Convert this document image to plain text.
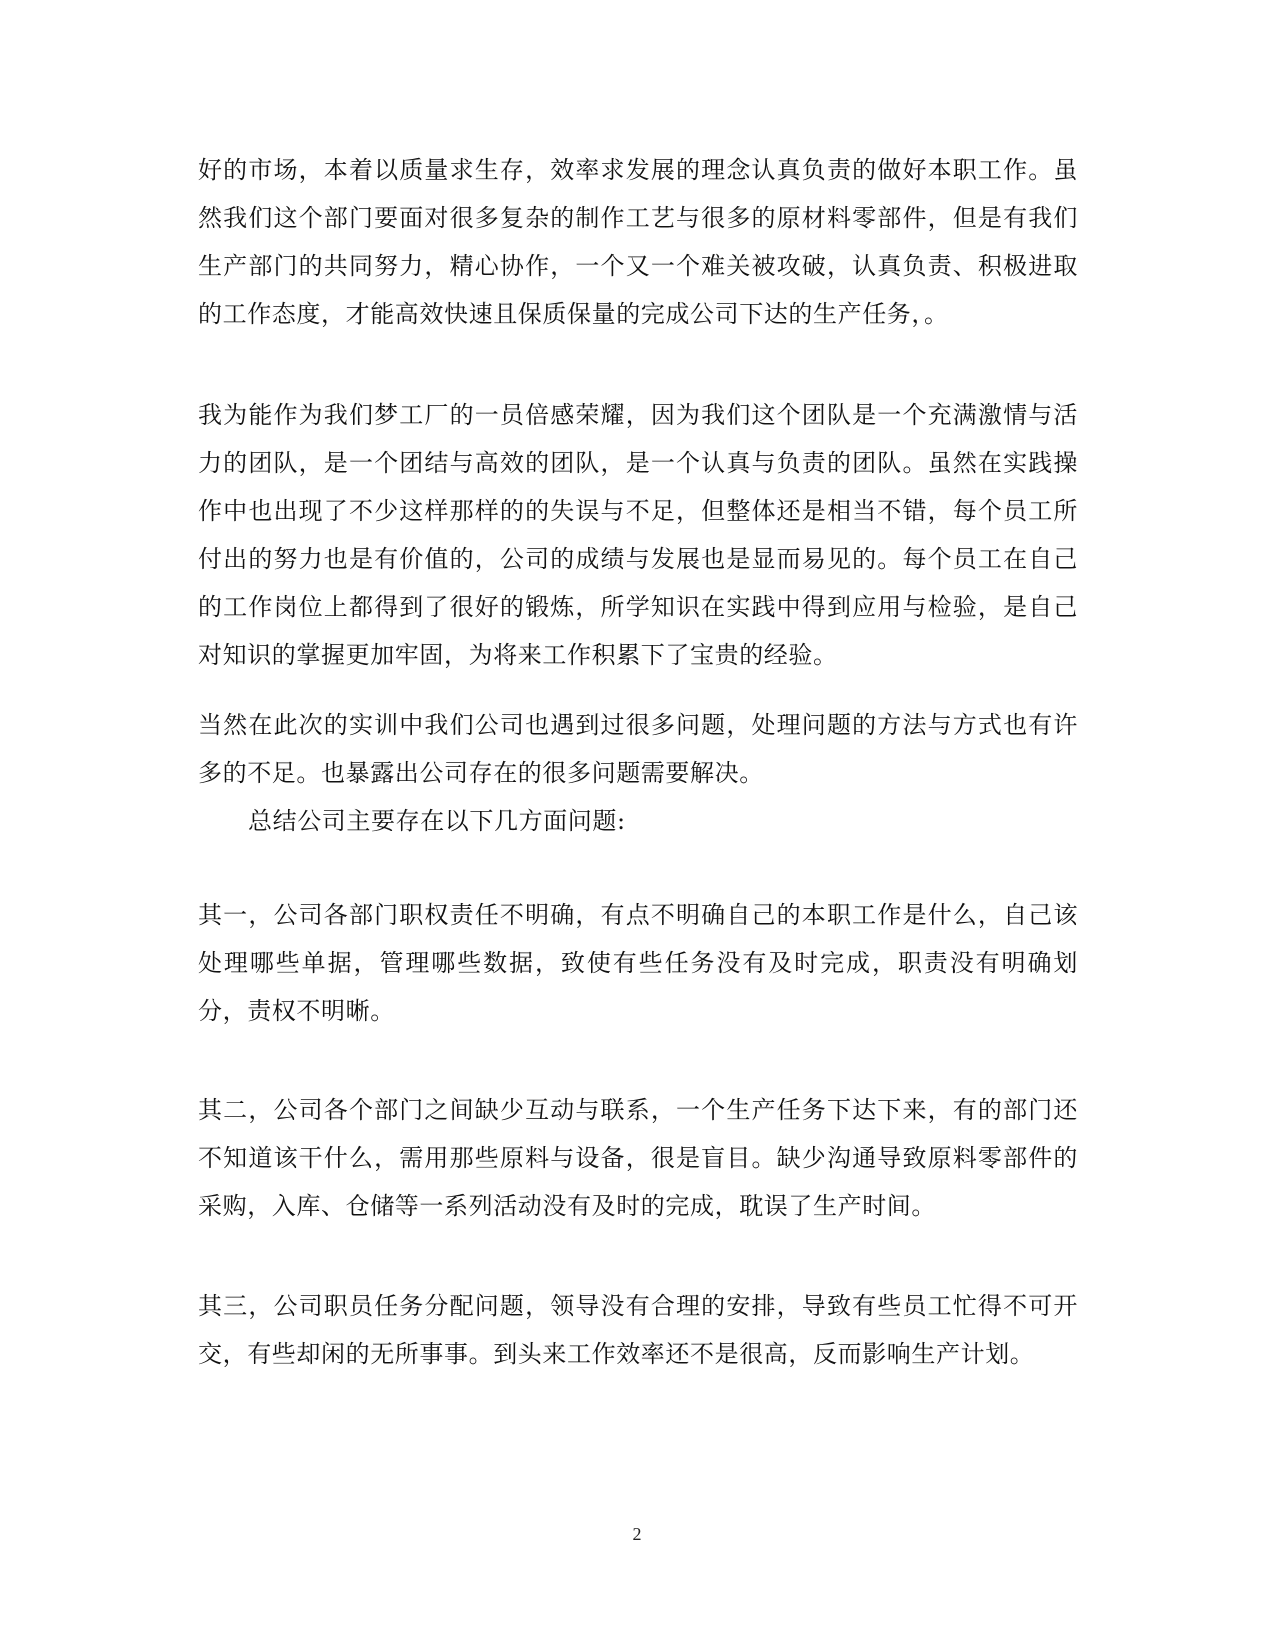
好的市场，本着以质量求生存，效率求发展的理念认真负责的做好本职工作。虽然我们这个部门要面对很多复杂的制作工艺与很多的原材料零部件，但是有我们生产部门的共同努力，精心协作，一个又一个难关被攻破，认真负责、积极进取的工作态度，才能高效快速且保质保量的完成公司下达的生产任务，。

我为能作为我们梦工厂的一员倍感荣耀，因为我们这个团队是一个充满激情与活力的团队，是一个团结与高效的团队，是一个认真与负责的团队。虽然在实践操作中也出现了不少这样那样的的失误与不足，但整体还是相当不错，每个员工所付出的努力也是有价值的，公司的成绩与发展也是显而易见的。每个员工在自己的工作岗位上都得到了很好的锻炼，所学知识在实践中得到应用与检验，是自己对知识的掌握更加牢固，为将来工作积累下了宝贵的经验。

当然在此次的实训中我们公司也遇到过很多问题，处理问题的方法与方式也有许多的不足。也暴露出公司存在的很多问题需要解决。

总结公司主要存在以下几方面问题:

其一，公司各部门职权责任不明确，有点不明确自己的本职工作是什么，自己该处理哪些单据，管理哪些数据，致使有些任务没有及时完成，职责没有明确划分，责权不明晰。

其二，公司各个部门之间缺少互动与联系，一个生产任务下达下来，有的部门还不知道该干什么，需用那些原料与设备，很是盲目。缺少沟通导致原料零部件的采购，入库、仓储等一系列活动没有及时的完成，耽误了生产时间。

其三，公司职员任务分配问题，领导没有合理的安排，导致有些员工忙得不可开交，有些却闲的无所事事。到头来工作效率还不是很高，反而影响生产计划。

2
